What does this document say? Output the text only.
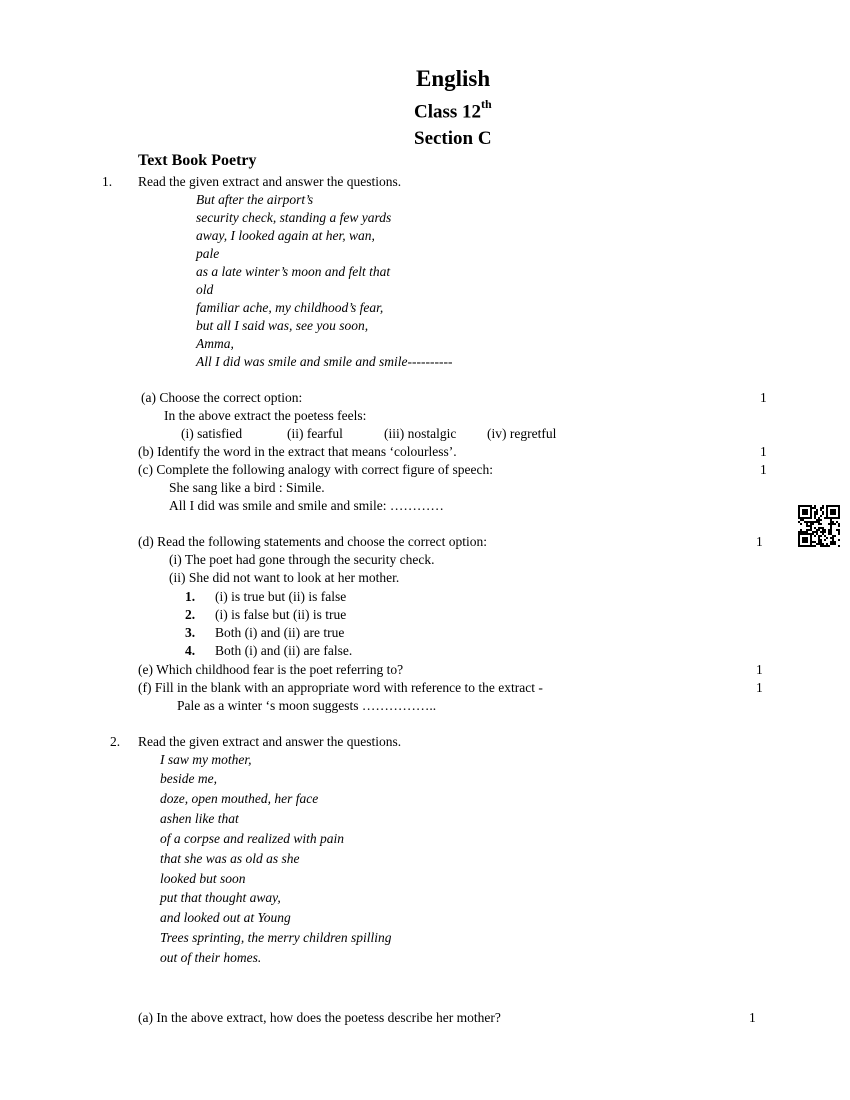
English
Class 12th
Section C
Text Book Poetry
1. Read the given extract and answer the questions.
But after the airport’s
security check, standing a few yards
away, I looked again at her, wan,
pale
as a late winter’s moon and felt that
old
familiar ache, my childhood’s fear,
but all I said was, see you soon,
Amma,
All I did was smile and smile and smile----------
(a) Choose the correct option:	1
In the above extract the poetess feels:
(i) satisfied	(ii) fearful	(iii) nostalgic (iv) regretful
(b) Identify the word in the extract that means ‘colourless’.	1
(c) Complete the following analogy with correct figure of speech:	1
She sang like a bird : Simile.
All I did was smile and smile and smile: …………
(d) Read the following statements and choose the correct option:	1
(i) The poet had gone through the security check.
(ii) She did not want to look at her mother.
1. (i) is true but (ii) is false
2. (i) is false but (ii) is true
3. Both (i) and (ii) are true
4. Both (i) and (ii) are false.
(e) Which childhood fear is the poet referring to?	1
(f) Fill in the blank with an appropriate word with reference to the extract -	1
Pale as a winter ‘s moon suggests ……………..
2. Read the given extract and answer the questions.
I saw my mother,
beside me,
doze, open mouthed, her face
ashen like that
of a corpse and realized with pain
that she was as old as she
looked but soon
put that thought away,
and looked out at Young
Trees sprinting, the merry children spilling
out of their homes.
(a) In the above extract, how does the poetess describe her mother?	1
